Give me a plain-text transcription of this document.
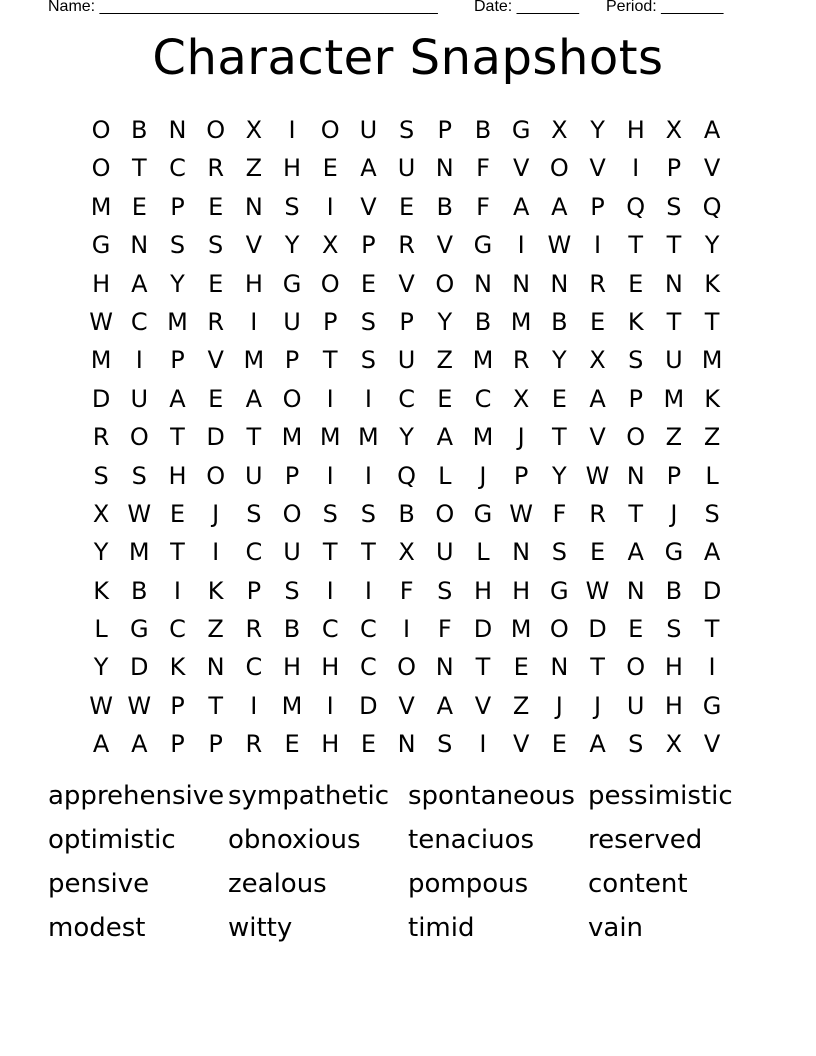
Name: ______________________________________ Date: _______ Period: _______
Character Snapshots
O B N O X	I	O U S P B G X Y H X A
O T C R Z H E A U N F V O V	I	P V
M E P E N S	I	V E B F A A P Q S Q
G N S S V Y X P R V G	I W I	T T Y
H A Y E H G O E V O N N N R E N K
W C M R	I	U P S P Y B M B E K T T
M	I	P V M P T S U Z M R Y X S U M
D U A E A O	I	I	C E C X E A P M K
R O T D T M M M Y A M	J	T V O Z Z
S S H O U P	I	I	Q L	J	P Y W N P	L
X W E	J	S O S S B O G W F R T	J	S
Y M T	I	C U T T X U L N S E A G A
K B	I	K P S	I	I	F S H H G W N B D
L G C Z R B C C	I	F D M O D E S T
Y D K N C H H C O N T E N T O H	I
W W P T	I	M	I	D V A V Z	J	J	U H G
A A P P R E H E N S	I	V E A S X V
apprehensive sympathetic spontaneous pessimistic
optimistic	obnoxious	tenaciuos	reserved
pensive	zealous	pompous	content
modest	witty	timid	vain
